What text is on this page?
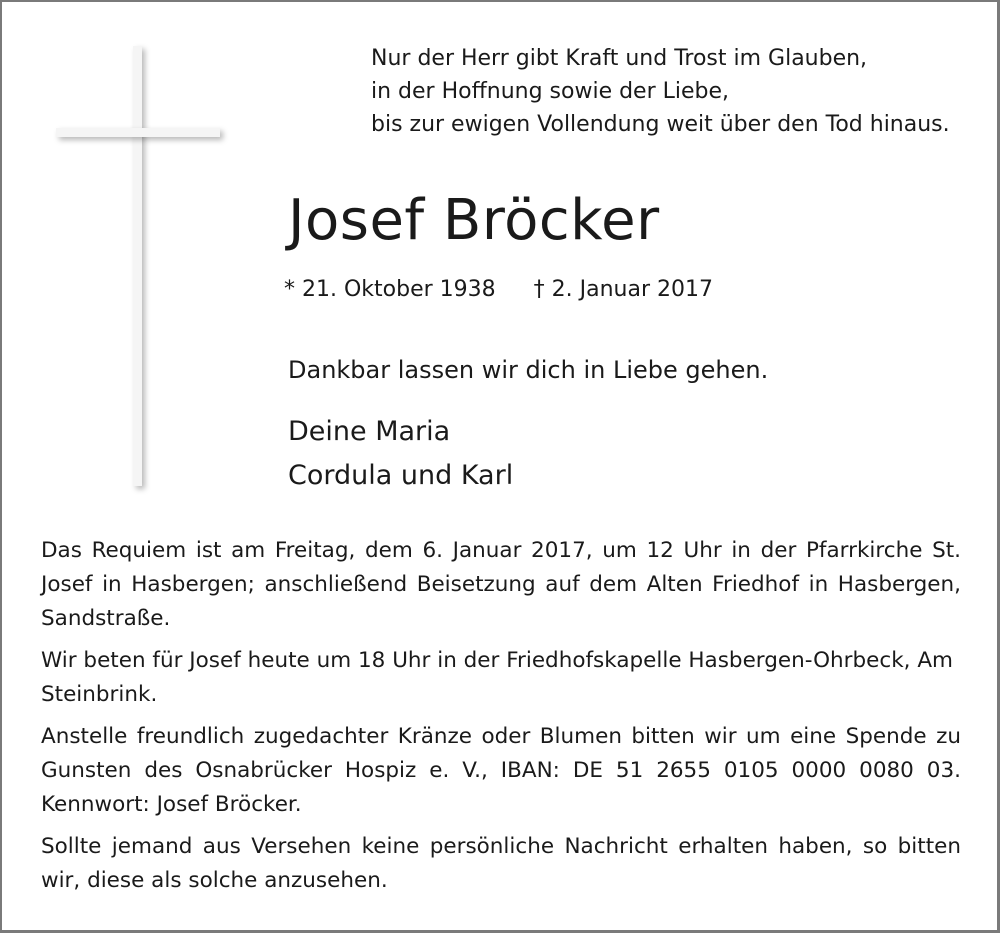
Nur der Herr gibt Kraft und Trost im Glauben,
in der Hoffnung sowie der Liebe,
bis zur ewigen Vollendung weit über den Tod hinaus.
Josef Bröcker
* 21. Oktober 1938 † 2. Januar 2017
Dankbar lassen wir dich in Liebe gehen.
Deine Maria
Cordula und Karl

Das Requiem ist am Freitag, dem 6. Januar 2017, um 12 Uhr in der Pfarrkirche St. Josef in Hasbergen; anschließend Beisetzung auf dem Alten Friedhof in Hasbergen, Sandstraße.

Wir beten für Josef heute um 18 Uhr in der Friedhofskapelle Hasbergen-Ohrbeck, Am Steinbrink.

Anstelle freundlich zugedachter Kränze oder Blumen bitten wir um eine Spende zu Gunsten des Osnabrücker Hospiz e. V., IBAN: DE 51 2655 0105 0000 0080 03. Kennwort: Josef Bröcker.

Sollte jemand aus Versehen keine persönliche Nachricht erhalten haben, so bitten wir, diese als solche anzusehen.
